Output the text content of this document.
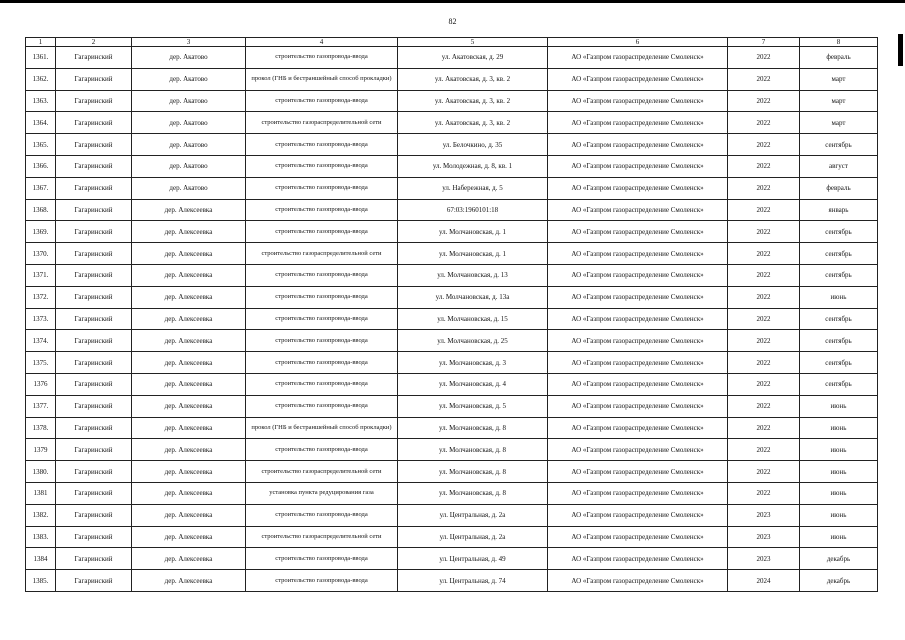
82
1	2	3	4	5	6	7	8
1361.	Гагаринский	дер. Акатово	строительство газопровода-ввода	ул. Акатовская, д. 29	АО «Газпром газораспределение Смоленск»	2022	февраль
1362.	Гагаринский	дер. Акатово	прокол (ГНБ и бестраншейный способ прокладки)	ул. Акатовская, д. 3, кв. 2	АО «Газпром газораспределение Смоленск»	2022	март
1363.	Гагаринский	дер. Акатово	строительство газопровода-ввода	ул. Акатовская, д. 3, кв. 2	АО «Газпром газораспределение Смоленск»	2022	март
1364.	Гагаринский	дер. Акатово	строительство газораспределительной сети	ул. Акатовская, д. 3, кв. 2	АО «Газпром газораспределение Смоленск»	2022	март
1365.	Гагаринский	дер. Акатово	строительство газопровода-ввода	ул. Белочкино, д. 35	АО «Газпром газораспределение Смоленск»	2022	сентябрь
1366.	Гагаринский	дер. Акатово	строительство газопровода-ввода	ул. Молодежная, д. 8, кв. 1	АО «Газпром газораспределение Смоленск»	2022	август
1367.	Гагаринский	дер. Акатово	строительство газопровода-ввода	ул. Набережная, д. 5	АО «Газпром газораспределение Смоленск»	2022	февраль
1368.	Гагаринский	дер. Алексеевка	строительство газопровода-ввода	67:03:1960101:18	АО «Газпром газораспределение Смоленск»	2022	январь
1369.	Гагаринский	дер. Алексеевка	строительство газопровода-ввода	ул. Молчановская, д. 1	АО «Газпром газораспределение Смоленск»	2022	сентябрь
1370.	Гагаринский	дер. Алексеевка	строительство газораспределительной сети	ул. Молчановская, д. 1	АО «Газпром газораспределение Смоленск»	2022	сентябрь
1371.	Гагаринский	дер. Алексеевка	строительство газопровода-ввода	ул. Молчановская, д. 13	АО «Газпром газораспределение Смоленск»	2022	сентябрь
1372.	Гагаринский	дер. Алексеевка	строительство газопровода-ввода	ул. Молчановская, д. 13а	АО «Газпром газораспределение Смоленск»	2022	июнь
1373.	Гагаринский	дер. Алексеевка	строительство газопровода-ввода	ул. Молчановская, д. 15	АО «Газпром газораспределение Смоленск»	2022	сентябрь
1374.	Гагаринский	дер. Алексеевка	строительство газопровода-ввода	ул. Молчановская, д. 25	АО «Газпром газораспределение Смоленск»	2022	сентябрь
1375.	Гагаринский	дер. Алексеевка	строительство газопровода-ввода	ул. Молчановская, д. 3	АО «Газпром газораспределение Смоленск»	2022	сентябрь
1376	Гагаринский	дер. Алексеевка	строительство газопровода-ввода	ул. Молчановская, д. 4	АО «Газпром газораспределение Смоленск»	2022	сентябрь
1377.	Гагаринский	дер. Алексеевка	строительство газопровода-ввода	ул. Молчановская, д. 5	АО «Газпром газораспределение Смоленск»	2022	июнь
1378.	Гагаринский	дер. Алексеевка	прокол (ГНБ и бестраншейный способ прокладки)	ул. Молчановская, д. 8	АО «Газпром газораспределение Смоленск»	2022	июнь
1379	Гагаринский	дер. Алексеевка	строительство газопровода-ввода	ул. Молчановская, д. 8	АО «Газпром газораспределение Смоленск»	2022	июнь
1380.	Гагаринский	дер. Алексеевка	строительство газораспределительной сети	ул. Молчановская, д. 8	АО «Газпром газораспределение Смоленск»	2022	июнь
1381	Гагаринский	дер. Алексеевка	установка пункта редуцирования газа	ул. Молчановская, д. 8	АО «Газпром газораспределение Смоленск»	2022	июнь
1382.	Гагаринский	дер. Алексеевка	строительство газопровода-ввода	ул. Центральная, д. 2а	АО «Газпром газораспределение Смоленск»	2023	июнь
1383.	Гагаринский	дер. Алексеевка	строительство газораспределительной сети	ул. Центральная, д. 2а	АО «Газпром газораспределение Смоленск»	2023	июнь
1384	Гагаринский	дер. Алексеевка	строительство газопровода-ввода	ул. Центральная, д. 49	АО «Газпром газораспределение Смоленск»	2023	декабрь
1385.	Гагаринский	дер. Алексеевка	строительство газопровода-ввода	ул. Центральная, д. 74	АО «Газпром газораспределение Смоленск»	2024	декабрь
